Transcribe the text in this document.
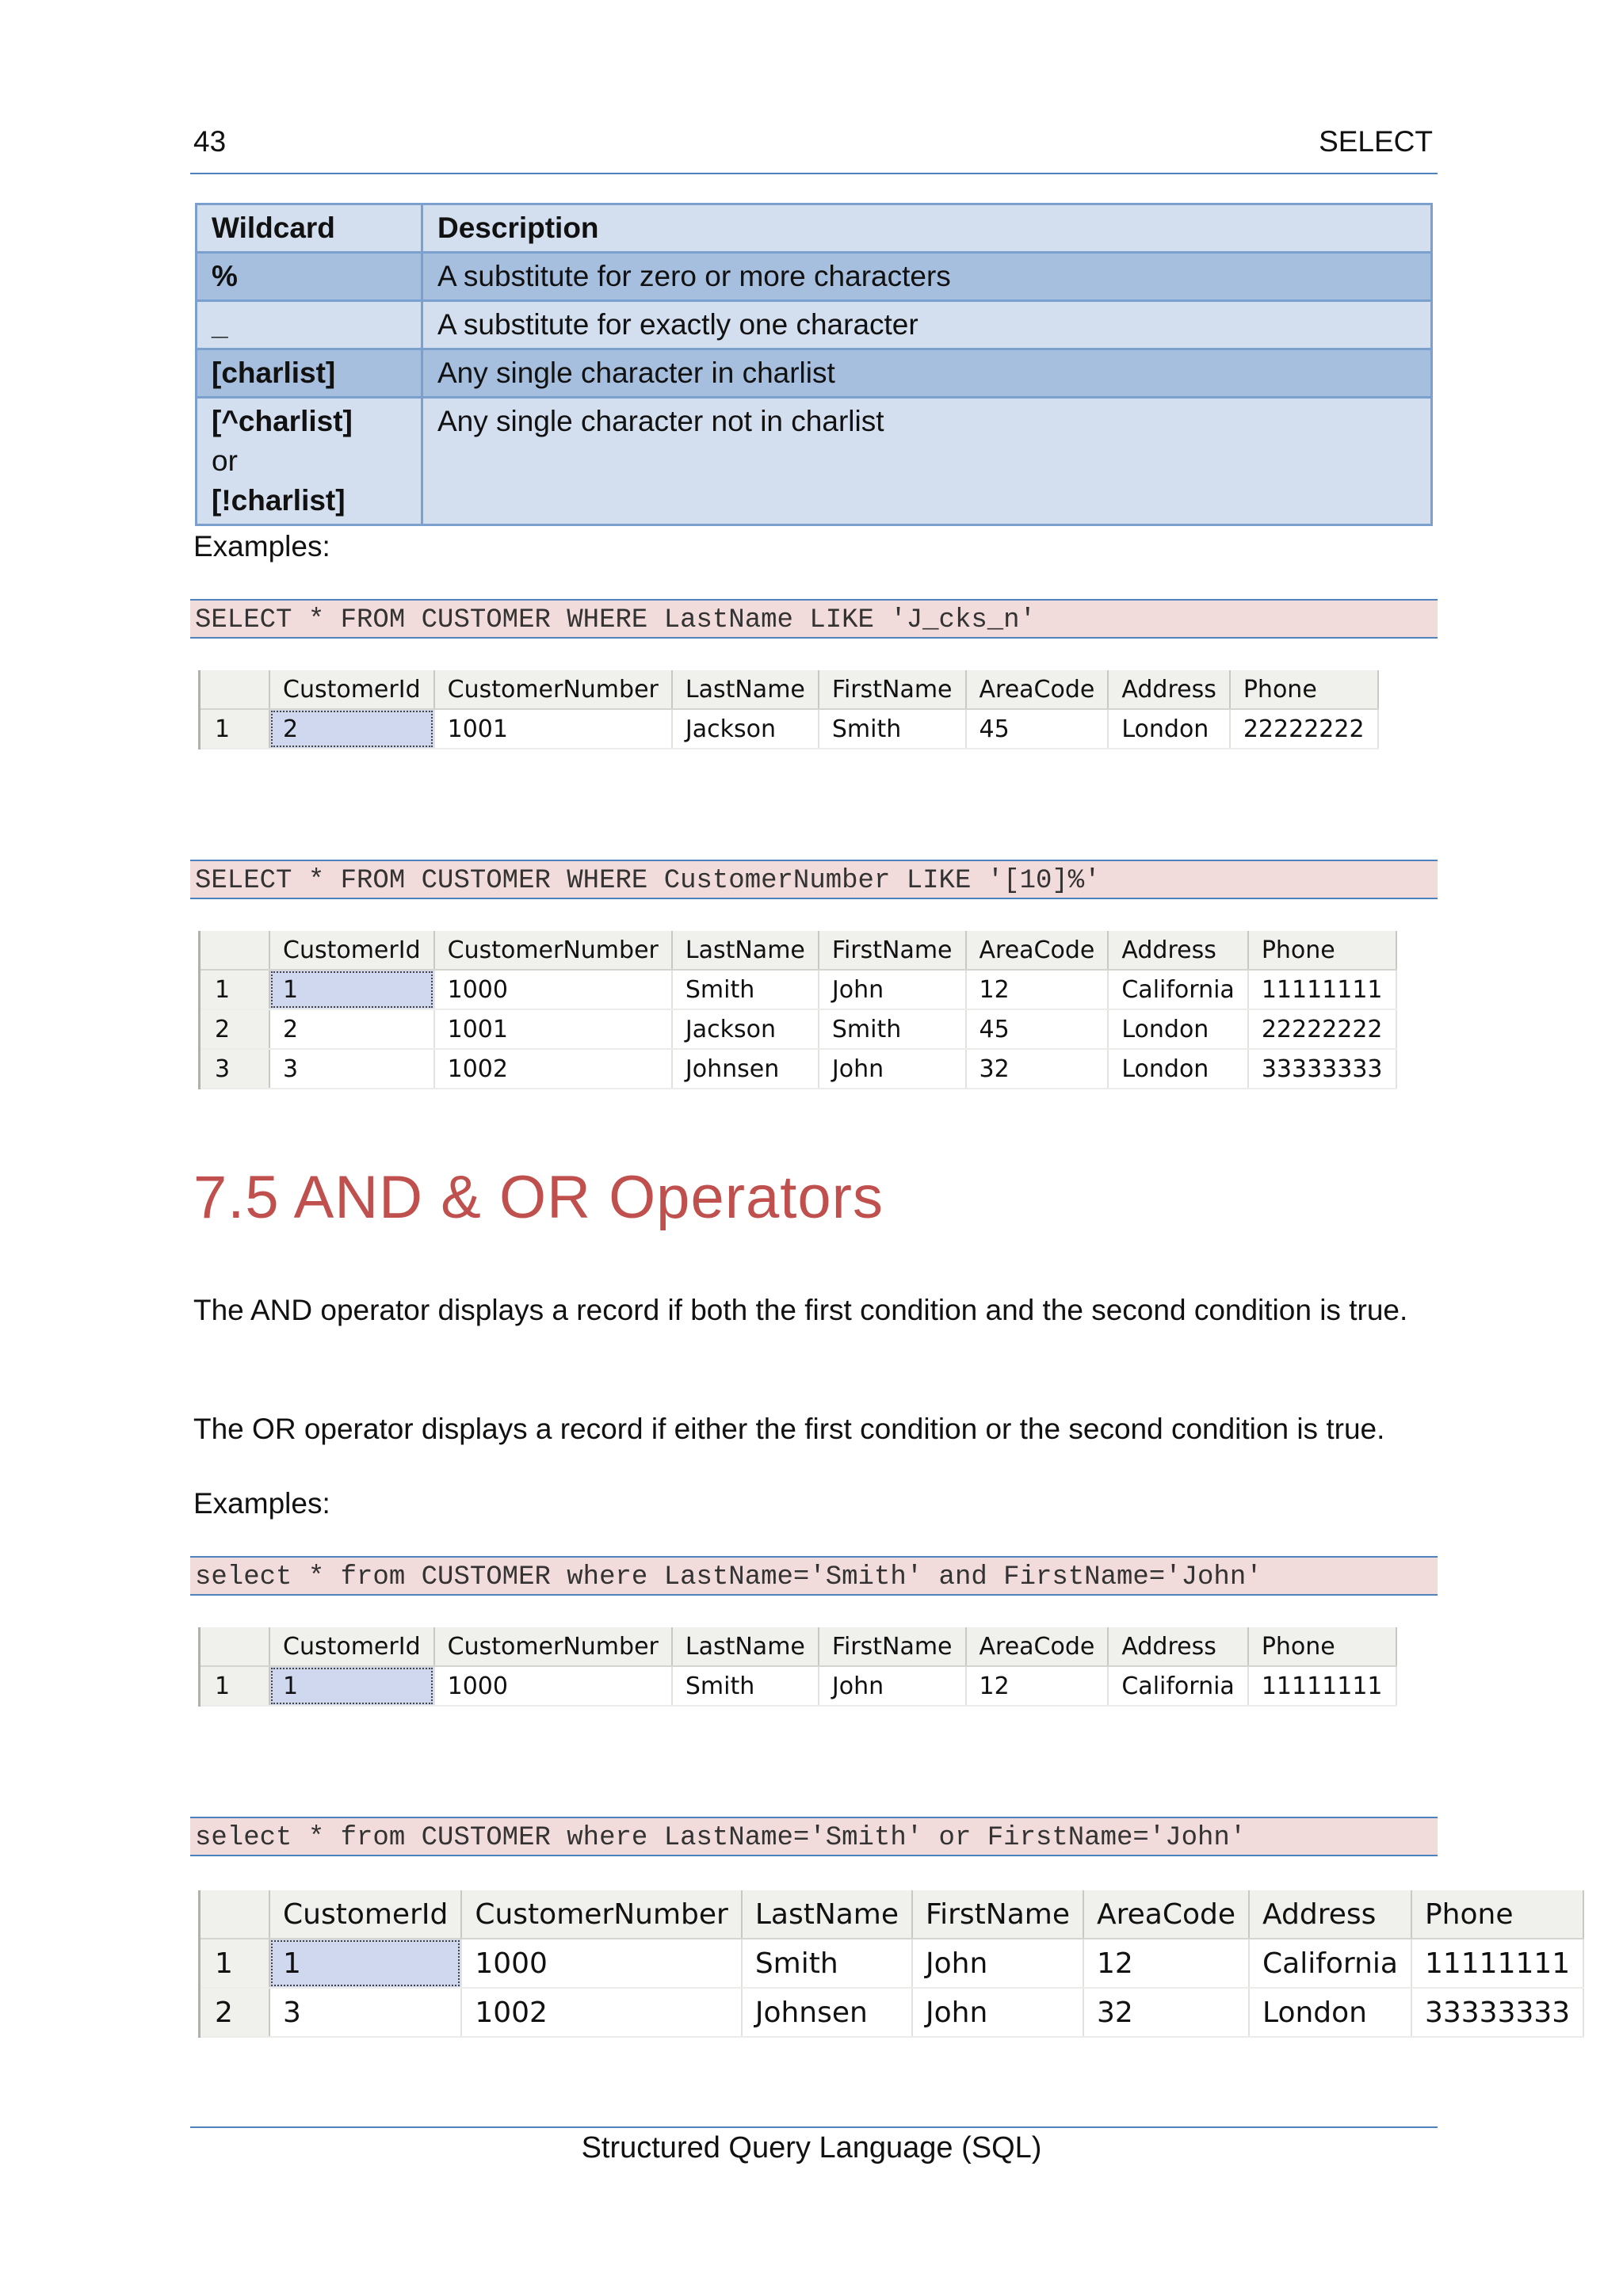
43	SELECT
Wildcard	Description
%	A substitute for zero or more characters
_	A substitute for exactly one character
[charlist]	Any single character in charlist

[^charlist]
or
[!charlist]	Any single character not in charlist
Examples:
SELECT * FROM CUSTOMER WHERE LastName LIKE 'J_cks_n'
	CustomerId	CustomerNumber	LastName	FirstName	AreaCode	Address	Phone
1	2	1001	Jackson	Smith	45	London	22222222
SELECT * FROM CUSTOMER WHERE CustomerNumber LIKE '[10]%'
	CustomerId	CustomerNumber	LastName	FirstName	AreaCode	Address	Phone
1	1	1000	Smith	John	12	California	11111111
2	2	1001	Jackson	Smith	45	London	22222222
3	3	1002	Johnsen	John	32	London	33333333
7.5 AND & OR Operators
The AND operator displays a record if both the first condition and the second condition is true.
The OR operator displays a record if either the first condition or the second condition is true.
Examples:
select * from CUSTOMER where LastName='Smith' and FirstName='John'
	CustomerId	CustomerNumber	LastName	FirstName	AreaCode	Address	Phone
1	1	1000	Smith	John	12	California	11111111
select * from CUSTOMER where LastName='Smith' or FirstName='John'
	CustomerId	CustomerNumber	LastName	FirstName	AreaCode	Address	Phone
1	1	1000	Smith	John	12	California	11111111
2	3	1002	Johnsen	John	32	London	33333333
Structured Query Language (SQL)
